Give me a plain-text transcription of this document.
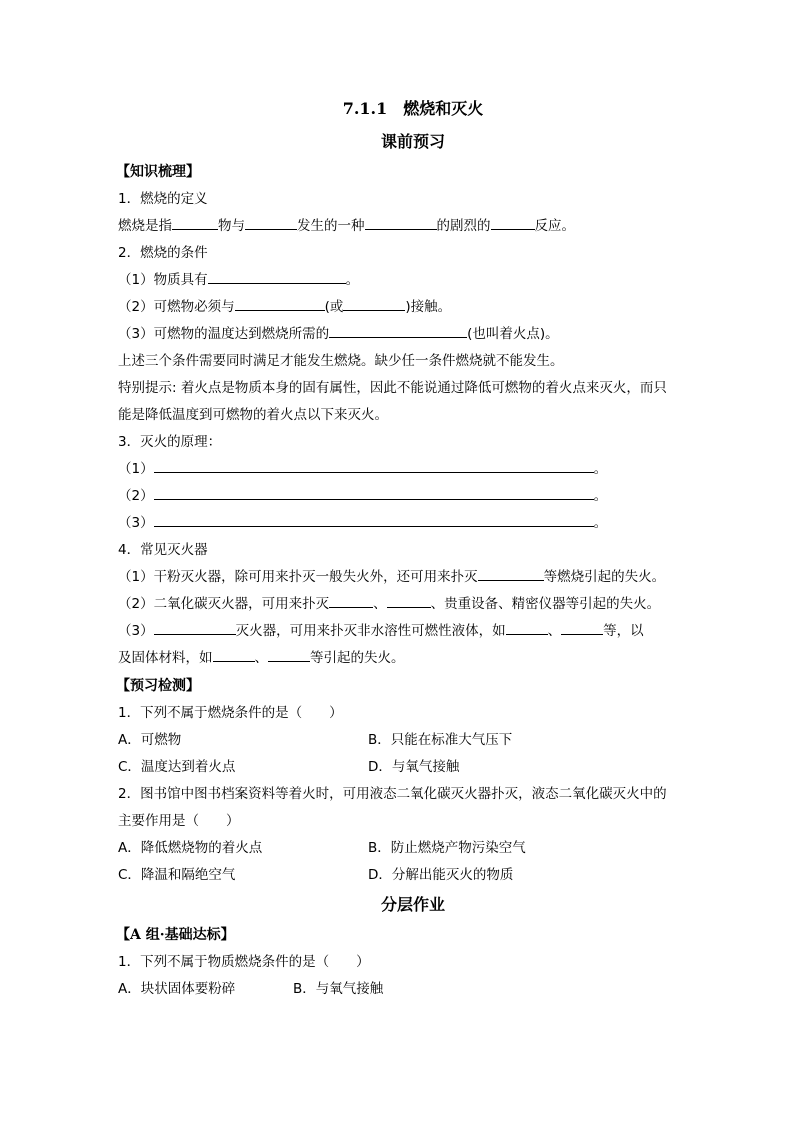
7.1.1　燃烧和灭火
课前预习
【知识梳理】
1．燃烧的定义
燃烧是指	物与	发生的一种	的剧烈的	反应。
2．燃烧的条件
（1）物质具有	。
（2）可燃物必须与	(或	)接触。
（3）可燃物的温度达到燃烧所需的	(也叫着火点)。
上述三个条件需要同时满足才能发生燃烧。缺少任一条件燃烧就不能发生。
特别提示: 着火点是物质本身的固有属性，因此不能说通过降低可燃物的着火点来灭火，而只能是降低温度到可燃物的着火点以下来灭火。
3．灭火的原理：
（1）	。
（2）	。
（3）	。
4．常见灭火器
（1）干粉灭火器，除可用来扑灭一般失火外，还可用来扑灭	等燃烧引起的失火。
（2）二氧化碳灭火器，可用来扑灭	、	、贵重设备、精密仪器等引起的失火。
（3）	灭火器，可用来扑灭非水溶性可燃性液体，如	、	等，以
及固体材料，如	、	等引起的失火。
【预习检测】
1．下列不属于燃烧条件的是（　　）
A．可燃物	B．只能在标准大气压下
C．温度达到着火点	D．与氧气接触
2．图书馆中图书档案资料等着火时，可用液态二氧化碳灭火器扑灭，液态二氧化碳灭火中的主要作用是（　　）
A．降低燃烧物的着火点	B．防止燃烧产物污染空气
C．降温和隔绝空气	D．分解出能灭火的物质
分层作业
【A 组·基础达标】
1．下列不属于物质燃烧条件的是（　　）
A．块状固体要粉碎	B．与氧气接触
